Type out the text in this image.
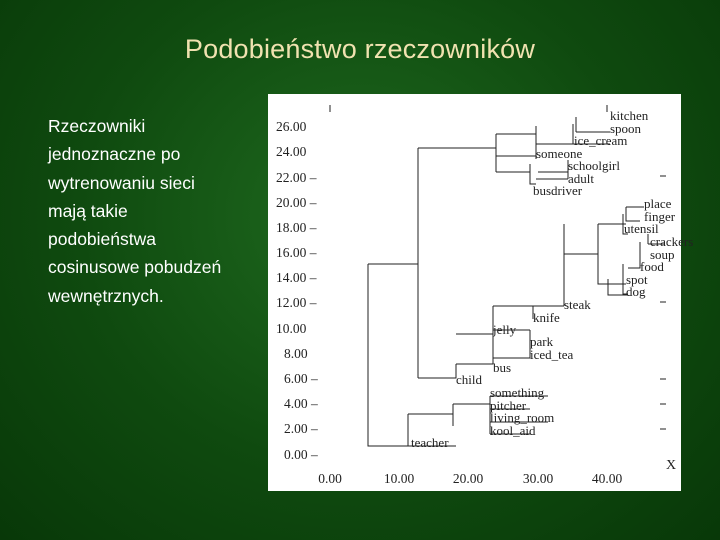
Podobieństwo rzeczowników
Rzeczowniki
jednoznaczne po
wytrenowaniu sieci
mają takie
podobieństwa
cosinusowe pobudzeń
wewnętrznych.
26.00
24.00
22.00 –
20.00 –
18.00 –
16.00 –
14.00 –
12.00 –
10.00
8.00
6.00 –
4.00 –
2.00 –
0.00 –
0.00	10.00	20.00	30.00	40.00
X
kitchen
spoon
ice_cream
someone
schoolgirl
adult
busdriver
place
finger
utensil
crackers
soup
food
spot
dog
steak
knife
jelly
park
iced_tea
bus
child
something
pitcher
living_room
kool_aid
teacher
